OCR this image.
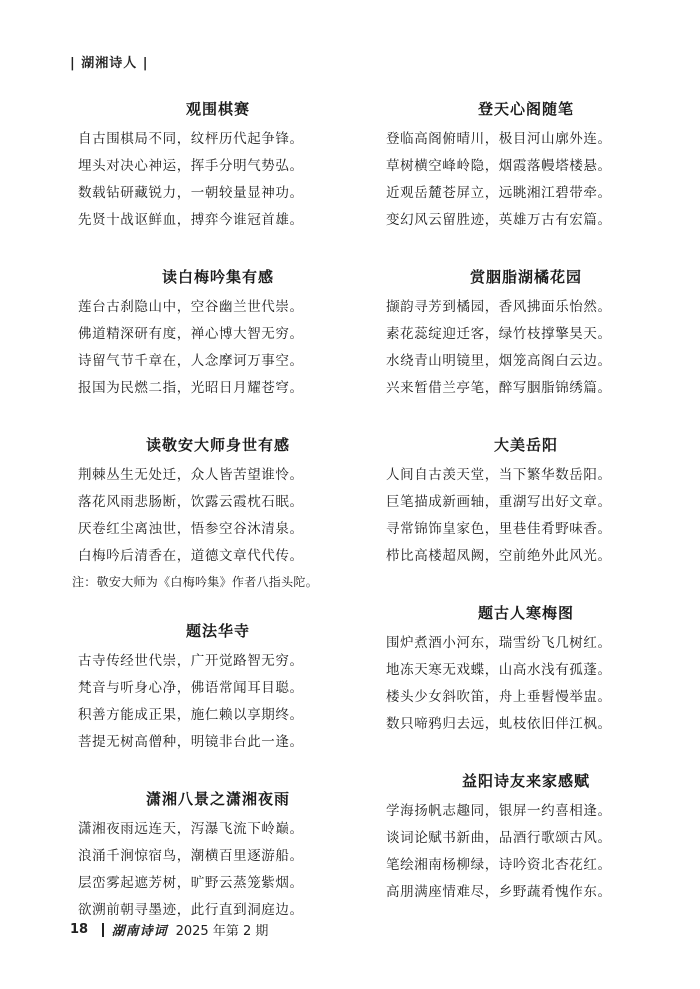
| 湖湘诗人 |
观围棋赛
自古围棋局不同，纹枰历代起争锋。
埋头对决心神运，挥手分明气势弘。
数载钻研藏锐力，一朝较量显神功。
先贤十战讴鲜血，搏弈今谁冠首雄。
读白梅吟集有感
莲台古刹隐山中，空谷幽兰世代崇。
佛道精深研有度，禅心博大智无穷。
诗留气节千章在，人念摩诃万事空。
报国为民燃二指，光昭日月耀苍穹。
读敬安大师身世有感
荆棘丛生无处迁，众人皆苦望谁怜。
落花风雨悲肠断，饮露云霞枕石眠。
厌卷红尘离浊世，悟参空谷沐清泉。
白梅吟后清香在，道德文章代代传。
注：敬安大师为《白梅吟集》作者八指头陀。
题法华寺
古寺传经世代崇，广开觉路智无穷。
梵音与听身心净，佛语常闻耳目聪。
积善方能成正果，施仁赖以享期终。
菩提无树高僧种，明镜非台此一逢。
潇湘八景之潇湘夜雨
潇湘夜雨远连天，泻瀑飞流下岭巅。
浪涌千涧惊宿鸟，潮横百里逐游船。
层峦雾起遮芳树，旷野云蒸笼紫烟。
欲溯前朝寻墨迹，此行直到洞庭边。
登天心阁随笔
登临高阁俯晴川，极目河山廓外连。
草树横空峰岭隐，烟霞落幔塔楼悬。
近观岳麓苍屏立，远眺湘江碧带牵。
变幻风云留胜迹，英雄万古有宏篇。
赏胭脂湖橘花园
撷韵寻芳到橘园，香风拂面乐怡然。
素花蕊绽迎迁客，绿竹枝撑擎昊天。
水绕青山明镜里，烟笼高阁白云边。
兴来暂借兰亭笔，醉写胭脂锦绣篇。
大美岳阳
人间自古羡天堂，当下繁华数岳阳。
巨笔描成新画轴，重湖写出好文章。
寻常锦饰皇家色，里巷佳肴野味香。
栉比高楼超凤阙，空前绝外此风光。
题古人寒梅图
围炉煮酒小河东，瑞雪纷飞几树红。
地冻天寒无戏蝶，山高水浅有孤蓬。
楼头少女斜吹笛，舟上垂髫慢举盅。
数只啼鸦归去远，虬枝依旧伴江枫。
益阳诗友来家感赋
学海扬帆志趣同，银屏一约喜相逢。
谈词论赋书新曲，品酒行歌颂古风。
笔绘湘南杨柳绿，诗吟资北杏花红。
高朋满座情难尽，乡野蔬肴愧作东。
18 湖南诗词 2025 年第 2 期
